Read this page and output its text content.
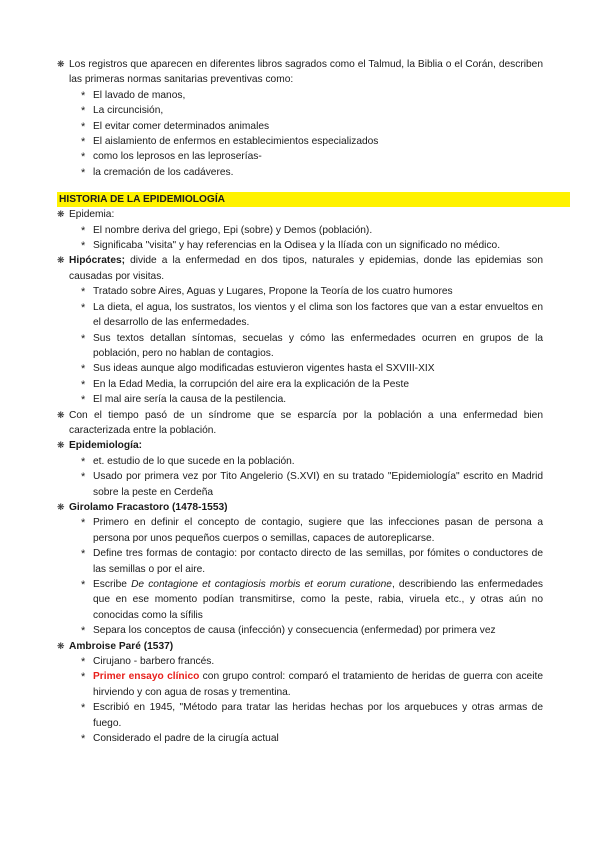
❋ Los registros que aparecen en diferentes libros sagrados como el Talmud, la Biblia o el Corán, describen las primeras normas sanitarias preventivas como:
* El lavado de manos,
* La circuncisión,
* El evitar comer determinados animales
* El aislamiento de enfermos en establecimientos especializados
* como los leprosos en las leproserías-
* la cremación de los cadáveres.
HISTORIA DE LA EPIDEMIOLOGÍA
❋ Epidemia:
* El nombre deriva del griego, Epi (sobre) y Demos (población).
* Significaba "visita" y hay referencias en la Odisea y la Ilíada con un significado no médico.
❋ Hipócrates; divide a la enfermedad en dos tipos, naturales y epidemias, donde las epidemias son causadas por visitas.
* Tratado sobre Aires, Aguas y Lugares, Propone la Teoría de los cuatro humores
* La dieta, el agua, los sustratos, los vientos y el clima son los factores que van a estar envueltos en el desarrollo de las enfermedades.
* Sus textos detallan síntomas, secuelas y cómo las enfermedades ocurren en grupos de la población, pero no hablan de contagios.
* Sus ideas aunque algo modificadas estuvieron vigentes hasta el SXVIII-XIX
* En la Edad Media, la corrupción del aire era la explicación de la Peste
* El mal aire sería la causa de la pestilencia.
❋ Con el tiempo pasó de un síndrome que se esparcía por la población a una enfermedad bien caracterizada entre la población.
❋ Epidemiología:
* et. estudio de lo que sucede en la población.
* Usado por primera vez por Tito Angelerio (S.XVI) en su tratado "Epidemiología" escrito en Madrid sobre la peste en Cerdeña
❋ Girolamo Fracastoro (1478-1553)
* Primero en definir el concepto de contagio, sugiere que las infecciones pasan de persona a persona por unos pequeños cuerpos o semillas, capaces de autoreplicarse.
* Define tres formas de contagio: por contacto directo de las semillas, por fómites o conductores de las semillas o por el aire.
* Escribe De contagione et contagiosis morbis et eorum curatione, describiendo las enfermedades que en ese momento podían transmitirse, como la peste, rabia, viruela etc., y otras aún no conocidas como la sífilis
* Separa los conceptos de causa (infección) y consecuencia (enfermedad) por primera vez
❋ Ambroise Paré (1537)
* Cirujano - barbero francés.
* Primer ensayo clínico con grupo control: comparó el tratamiento de heridas de guerra con aceite hirviendo y con agua de rosas y trementina.
* Escribió en 1945, "Método para tratar las heridas hechas por los arquebuces y otras armas de fuego.
* Considerado el padre de la cirugía actual
